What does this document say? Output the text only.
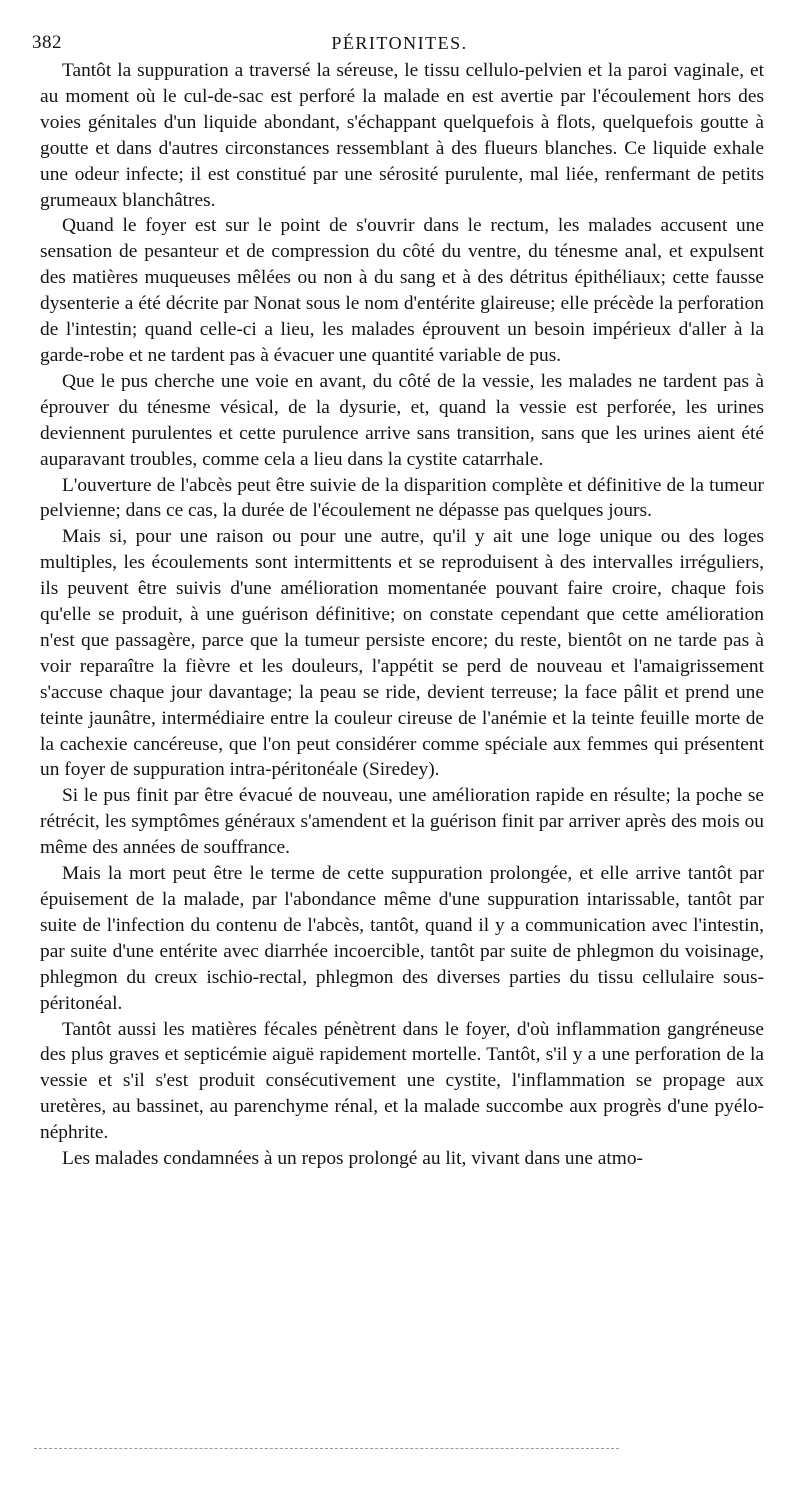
382	PÉRITONITES.

Tantôt la suppuration a traversé la séreuse, le tissu cellulo-pelvien et la paroi vaginale, et au moment où le cul-de-sac est perforé la malade en est avertie par l'écoulement hors des voies génitales d'un liquide abondant, s'échappant quelquefois à flots, quelquefois goutte à goutte et dans d'autres circonstances ressemblant à des flueurs blanches. Ce liquide exhale une odeur infecte; il est constitué par une sérosité purulente, mal liée, renfermant de petits grumeaux blanchâtres.

Quand le foyer est sur le point de s'ouvrir dans le rectum, les malades accusent une sensation de pesanteur et de compression du côté du ventre, du ténesme anal, et expulsent des matières muqueuses mêlées ou non à du sang et à des détritus épithéliaux; cette fausse dysenterie a été décrite par Nonat sous le nom d'entérite glaireuse; elle précède la perforation de l'intestin; quand celle-ci a lieu, les malades éprouvent un besoin impérieux d'aller à la garde-robe et ne tardent pas à évacuer une quantité variable de pus.

Que le pus cherche une voie en avant, du côté de la vessie, les malades ne tardent pas à éprouver du ténesme vésical, de la dysurie, et, quand la vessie est perforée, les urines deviennent purulentes et cette purulence arrive sans transition, sans que les urines aient été auparavant troubles, comme cela a lieu dans la cystite catarrhale.

L'ouverture de l'abcès peut être suivie de la disparition complète et définitive de la tumeur pelvienne; dans ce cas, la durée de l'écoulement ne dépasse pas quelques jours.

Mais si, pour une raison ou pour une autre, qu'il y ait une loge unique ou des loges multiples, les écoulements sont intermittents et se reproduisent à des intervalles irréguliers, ils peuvent être suivis d'une amélioration momentanée pouvant faire croire, chaque fois qu'elle se produit, à une guérison définitive; on constate cependant que cette amélioration n'est que passagère, parce que la tumeur persiste encore; du reste, bientôt on ne tarde pas à voir reparaître la fièvre et les douleurs, l'appétit se perd de nouveau et l'amaigrissement s'accuse chaque jour davantage; la peau se ride, devient terreuse; la face pâlit et prend une teinte jaunâtre, intermédiaire entre la couleur cireuse de l'anémie et la teinte feuille morte de la cachexie cancéreuse, que l'on peut considérer comme spéciale aux femmes qui présentent un foyer de suppuration intra-péritonéale (Siredey).

Si le pus finit par être évacué de nouveau, une amélioration rapide en résulte; la poche se rétrécit, les symptômes généraux s'amendent et la guérison finit par arriver après des mois ou même des années de souffrance.

Mais la mort peut être le terme de cette suppuration prolongée, et elle arrive tantôt par épuisement de la malade, par l'abondance même d'une suppuration intarissable, tantôt par suite de l'infection du contenu de l'abcès, tantôt, quand il y a communication avec l'intestin, par suite d'une entérite avec diarrhée incoercible, tantôt par suite de phlegmon du voisinage, phlegmon du creux ischio-rectal, phlegmon des diverses parties du tissu cellulaire sous-péritonéal.

Tantôt aussi les matières fécales pénètrent dans le foyer, d'où inflammation gangréneuse des plus graves et septicémie aiguë rapidement mortelle. Tantôt, s'il y a une perforation de la vessie et s'il s'est produit consécutivement une cystite, l'inflammation se propage aux uretères, au bassinet, au parenchyme rénal, et la malade succombe aux progrès d'une pyélo-néphrite.

Les malades condamnées à un repos prolongé au lit, vivant dans une atmo-
